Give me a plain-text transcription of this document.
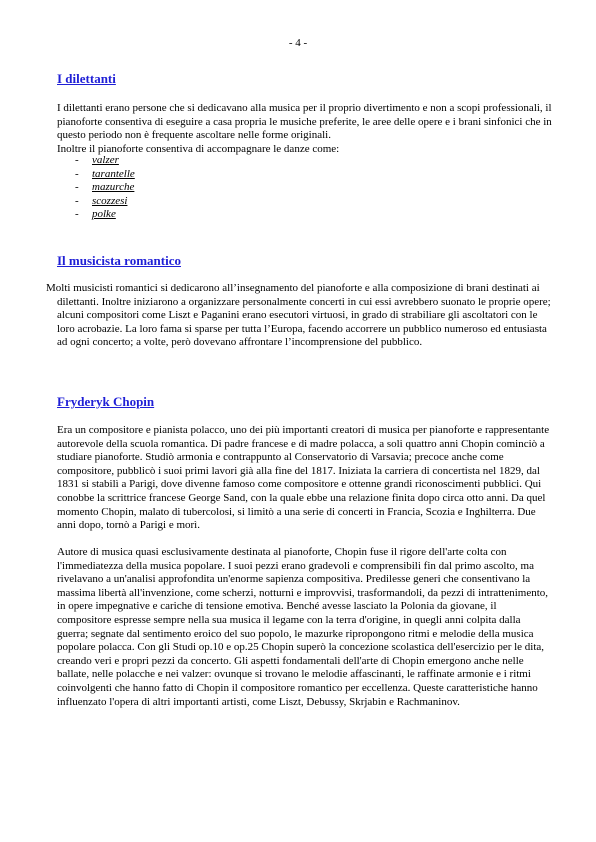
- 4 -
I dilettanti

I dilettanti erano persone che si dedicavano alla musica per il proprio divertimento e non a scopi professionali, il pianoforte consentiva di eseguire a casa propria le musiche preferite, le aree delle opere e i brani sinfonici che in questo periodo non è frequente ascoltare nelle forme originali.

Inoltre il pianoforte consentiva di accompagnare le danze come:

-	valzer
-	tarantelle
-	mazurche
-	scozzesi
-	polke
Il musicista romantico

Molti musicisti romantici si dedicarono all’insegnamento del pianoforte e alla composizione di brani destinati ai dilettanti. Inoltre iniziarono a organizzare personalmente concerti in cui essi avrebbero suonato le proprie opere; alcuni compositori come Liszt e Paganini erano esecutori virtuosi, in grado di strabiliare gli ascoltatori con le loro acrobazie. La loro fama si sparse per tutta l’Europa, facendo accorrere un pubblico numeroso ed entusiasta ad ogni concerto; a volte, però dovevano affrontare l’incomprensione del pubblico.

Fryderyk Chopin

Era un compositore e pianista polacco, uno dei più importanti creatori di musica per pianoforte e rappresentante autorevole della scuola romantica. Di padre francese e di madre polacca, a soli quattro anni Chopin cominciò a studiare pianoforte. Studiò armonia e contrappunto al Conservatorio di Varsavia; precoce anche come compositore, pubblicò i suoi primi lavori già alla fine del 1817. Iniziata la carriera di concertista nel 1829, dal 1831 si stabilì a Parigi, dove divenne famoso come compositore e ottenne grandi riconoscimenti pubblici. Qui conobbe la scrittrice francese George Sand, con la quale ebbe una relazione finita dopo circa otto anni. Da quel momento Chopin, malato di tubercolosi, si limitò a una serie di concerti in Francia, Scozia e Inghilterra. Due anni dopo, tornò a Parigi e morì.

Autore di musica quasi esclusivamente destinata al pianoforte, Chopin fuse il rigore dell'arte colta con l'immediatezza della musica popolare. I suoi pezzi erano gradevoli e comprensibili fin dal primo ascolto, ma rivelavano a un'analisi approfondita un'enorme sapienza compositiva. Predilesse generi che consentivano la massima libertà all'invenzione, come scherzi, notturni e improvvisi, trasformandoli, da pezzi di intrattenimento, in opere impegnative e cariche di tensione emotiva. Benché avesse lasciato la Polonia da giovane, il compositore espresse sempre nella sua musica il legame con la terra d'origine, in quegli anni colpita dalla guerra; segnate dal sentimento eroico del suo popolo, le mazurke ripropongono ritmi e melodie della musica popolare polacca. Con gli Studi op.10 e op.25 Chopin superò la concezione scolastica dell'esercizio per le dita, creando veri e propri pezzi da concerto. Gli aspetti fondamentali dell'arte di Chopin emergono anche nelle ballate, nelle polacche e nei valzer: ovunque si trovano le melodie affascinanti, le raffinate armonie e i ritmi coinvolgenti che hanno fatto di Chopin il compositore romantico per eccellenza. Queste caratteristiche hanno influenzato l'opera di altri importanti artisti, come Liszt, Debussy, Skrjabin e Rachmaninov.
